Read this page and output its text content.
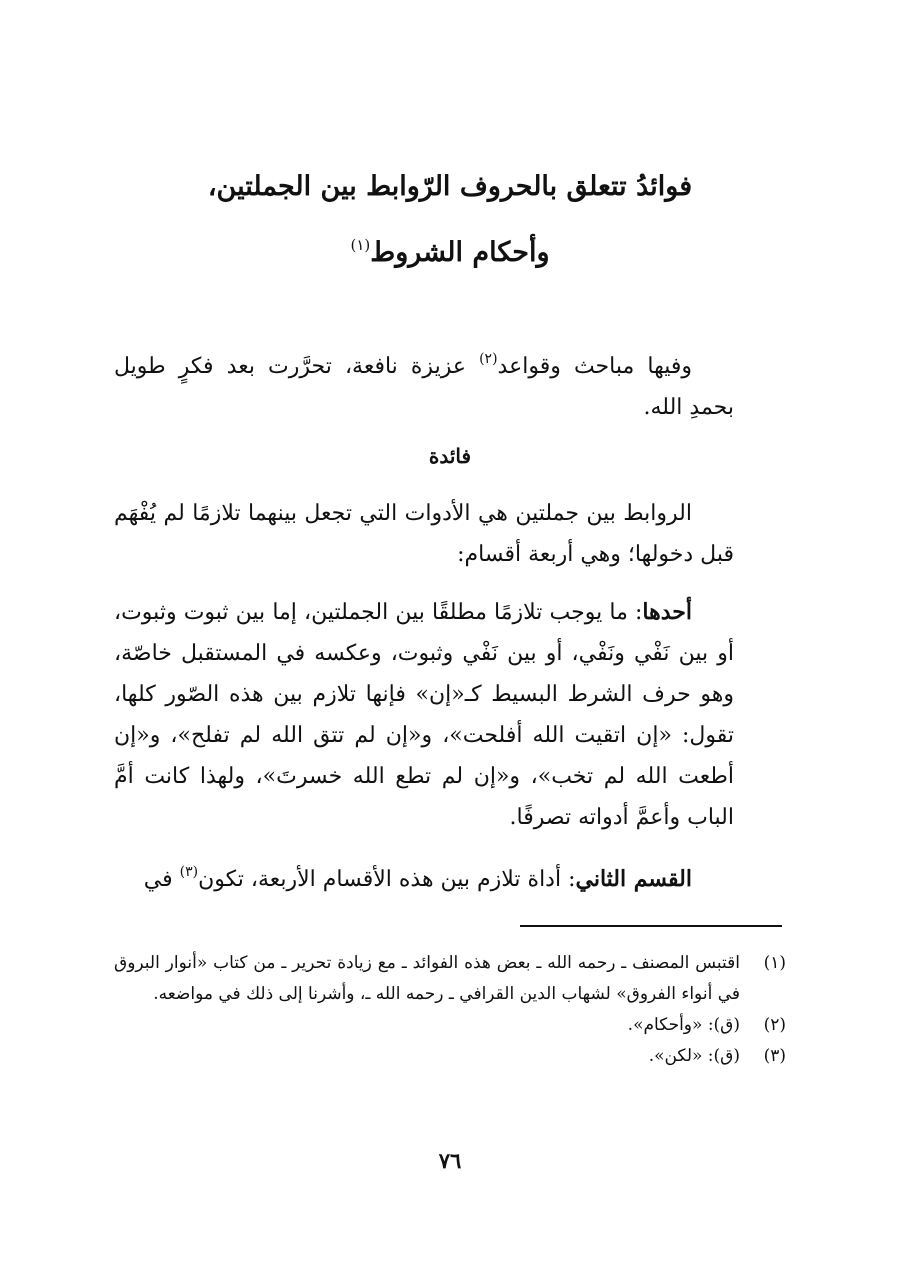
فوائدُ تتعلق بالحروف الرّوابط بين الجملتين،
وأحكام الشروط$^{(١)}$

وفيها مباحث وقواعد$^{(٢)}$ عزيزة نافعة، تحرَّرت بعد فكرٍ طويل بحمدِ الله.

فائدة

الروابط بين جملتين هي الأدوات التي تجعل بينهما تلازمًا لم يُفْهَم قبل دخولها؛ وهي أربعة أقسام:

أحدها: ما يوجب تلازمًا مطلقًا بين الجملتين، إما بين ثبوت وثبوت، أو بين نَفْي ونَفْي، أو بين نَفْي وثبوت، وعكسه في المستقبل خاصّة، وهو حرف الشرط البسيط كـ«إن» فإنها تلازم بين هذه الصّور كلها، تقول: «إن اتقيت الله أفلحت»، و«إن لم تتق الله لم تفلح»، و«إن أطعت الله لم تخب»، و«إن لم تطع الله خسرتَ»، ولهذا كانت أمَّ الباب وأعمَّ أدواته تصرفًا.

القسم الثاني: أداة تلازم بين هذه الأقسام الأربعة، تكون$^{(٣)}$ في

(١)
اقتبس المصنف ـ رحمه الله ـ بعض هذه الفوائد ـ مع زيادة تحرير ـ من كتاب «أنوار البروق في أنواء الفروق» لشهاب الدين القرافي ـ رحمه الله ـ، وأشرنا إلى ذلك في مواضعه.
(٢)
(ق): «وأحكام».
(٣)
(ق): «لكن».
٧٦
